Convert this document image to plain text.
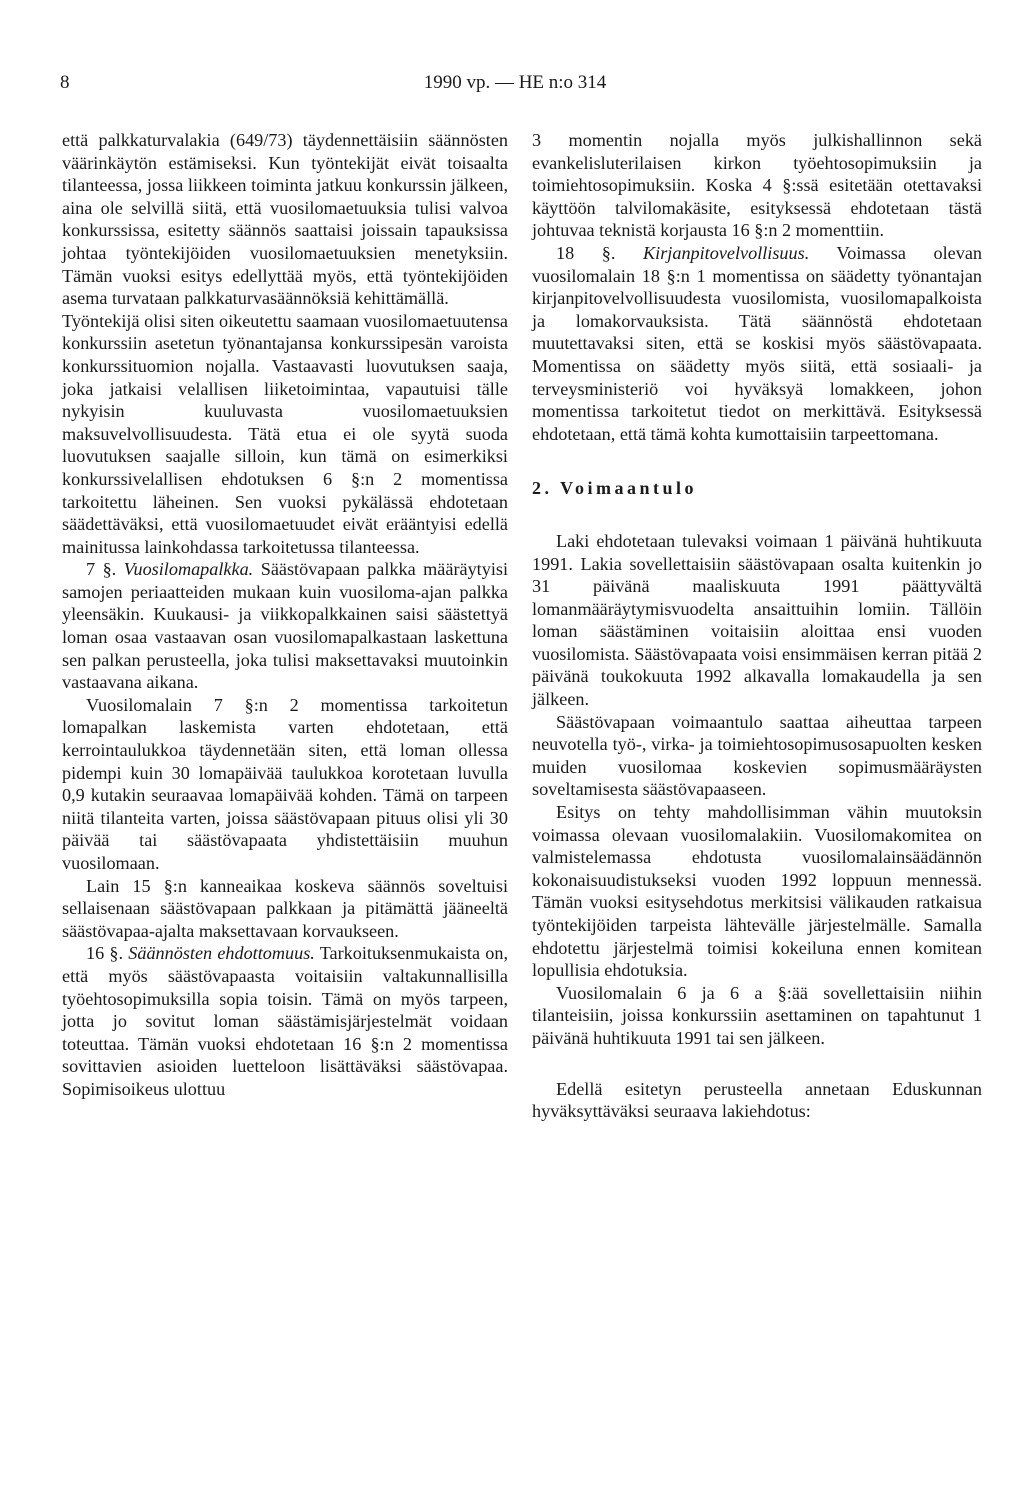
8	1990 vp. — HE n:o 314

että palkkaturvalakia (649/73) täydennettäisiin säännösten väärinkäytön estämiseksi. Kun työntekijät eivät toisaalta tilanteessa, jossa liikkeen toiminta jatkuu konkurssin jälkeen, aina ole selvillä siitä, että vuosilomaetuuksia tulisi valvoa konkurssissa, esitetty säännös saattaisi joissain tapauksissa johtaa työntekijöiden vuosilomaetuuksien menetyksiin. Tämän vuoksi esitys edellyttää myös, että työntekijöiden asema turvataan palkkaturvasäännöksiä kehittämällä.

Työntekijä olisi siten oikeutettu saamaan vuosilomaetuutensa konkurssiin asetetun työnantajansa konkurssipesän varoista konkurssituomion nojalla. Vastaavasti luovutuksen saaja, joka jatkaisi velallisen liiketoimintaa, vapautuisi tälle nykyisin kuuluvasta vuosilomaetuuksien maksuvelvollisuudesta. Tätä etua ei ole syytä suoda luovutuksen saajalle silloin, kun tämä on esimerkiksi konkurssivelallisen ehdotuksen 6 §:n 2 momentissa tarkoitettu läheinen. Sen vuoksi pykälässä ehdotetaan säädettäväksi, että vuosilomaetuudet eivät erääntyisi edellä mainitussa lainkohdassa tarkoitetussa tilanteessa.

7 §. Vuosilomapalkka. Säästövapaan palkka määräytyisi samojen periaatteiden mukaan kuin vuosiloma-ajan palkka yleensäkin. Kuukausi- ja viikkopalkkainen saisi säästettyä loman osaa vastaavan osan vuosilomapalkastaan laskettuna sen palkan perusteella, joka tulisi maksettavaksi muutoinkin vastaavana aikana.

Vuosilomalain 7 §:n 2 momentissa tarkoitetun lomapalkan laskemista varten ehdotetaan, että kerrointaulukkoa täydennetään siten, että loman ollessa pidempi kuin 30 lomapäivää taulukkoa korotetaan luvulla 0,9 kutakin seuraavaa lomapäivää kohden. Tämä on tarpeen niitä tilanteita varten, joissa säästövapaan pituus olisi yli 30 päivää tai säästövapaata yhdistettäisiin muuhun vuosilomaan.

Lain 15 §:n kanneaikaa koskeva säännös soveltuisi sellaisenaan säästövapaan palkkaan ja pitämättä jääneeltä säästövapaa-ajalta maksettavaan korvaukseen.

16 §. Säännösten ehdottomuus. Tarkoituksenmukaista on, että myös säästövapaasta voitaisiin valtakunnallisilla työehtosopimuksilla sopia toisin. Tämä on myös tarpeen, jotta jo sovitut loman säästämisjärjestelmät voidaan toteuttaa. Tämän vuoksi ehdotetaan 16 §:n 2 momentissa sovittavien asioiden luetteloon lisättäväksi säästövapaa. Sopimisoikeus ulottuu

3 momentin nojalla myös julkishallinnon sekä evankelisluterilaisen kirkon työehtosopimuksiin ja toimiehtosopimuksiin. Koska 4 §:ssä esitetään otettavaksi käyttöön talvilomakäsite, esityksessä ehdotetaan tästä johtuvaa teknistä korjausta 16 §:n 2 momenttiin.

18 §. Kirjanpitovelvollisuus. Voimassa olevan vuosilomalain 18 §:n 1 momentissa on säädetty työnantajan kirjanpitovelvollisuudesta vuosilomista, vuosilomapalkoista ja lomakorvauksista. Tätä säännöstä ehdotetaan muutettavaksi siten, että se koskisi myös säästövapaata. Momentissa on säädetty myös siitä, että sosiaali- ja terveysministeriö voi hyväksyä lomakkeen, johon momentissa tarkoitetut tiedot on merkittävä. Esityksessä ehdotetaan, että tämä kohta kumottaisiin tarpeettomana.

2. Voimaantulo

Laki ehdotetaan tulevaksi voimaan 1 päivänä huhtikuuta 1991. Lakia sovellettaisiin säästövapaan osalta kuitenkin jo 31 päivänä maaliskuuta 1991 päättyvältä lomanmääräytymisvuodelta ansaittuihin lomiin. Tällöin loman säästäminen voitaisiin aloittaa ensi vuoden vuosilomista. Säästövapaata voisi ensimmäisen kerran pitää 2 päivänä toukokuuta 1992 alkavalla lomakaudella ja sen jälkeen.

Säästövapaan voimaantulo saattaa aiheuttaa tarpeen neuvotella työ-, virka- ja toimiehtosopimusosapuolten kesken muiden vuosilomaa koskevien sopimusmääräysten soveltamisesta säästövapaaseen.

Esitys on tehty mahdollisimman vähin muutoksin voimassa olevaan vuosilomalakiin. Vuosilomakomitea on valmistelemassa ehdotusta vuosilomalainsäädännön kokonaisuudistukseksi vuoden 1992 loppuun mennessä. Tämän vuoksi esitysehdotus merkitsisi välikauden ratkaisua työntekijöiden tarpeista lähtevälle järjestelmälle. Samalla ehdotettu järjestelmä toimisi kokeiluna ennen komitean lopullisia ehdotuksia.

Vuosilomalain 6 ja 6 a §:ää sovellettaisiin niihin tilanteisiin, joissa konkurssiin asettaminen on tapahtunut 1 päivänä huhtikuuta 1991 tai sen jälkeen.

Edellä esitetyn perusteella annetaan Eduskunnan hyväksyttäväksi seuraava lakiehdotus:
